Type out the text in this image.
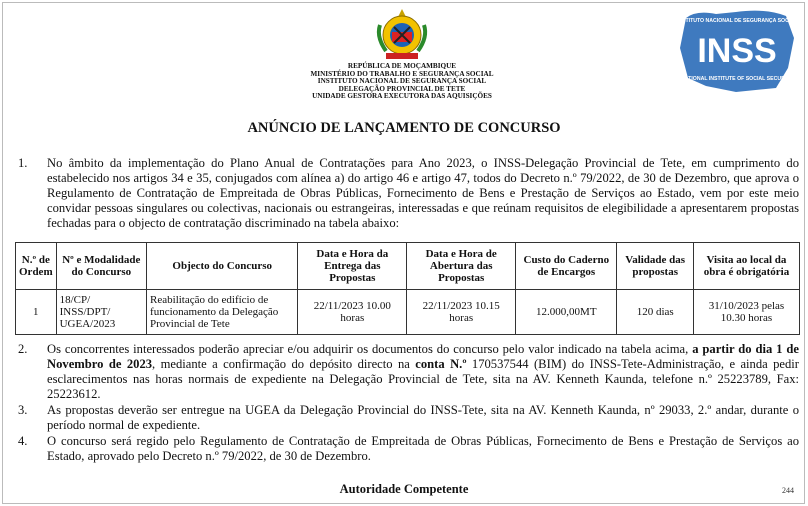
REPÚBLICA DE MOÇAMBIQUE
MINISTÉRIO DO TRABALHO E SEGURANÇA SOCIAL
INSTITUTO NACIONAL DE SEGURANÇA SOCIAL
DELEGAÇÃO PROVINCIAL DE TETE
UNIDADE GESTORA EXECUTORA DAS AQUISIÇÕES
INSTITUTO NACIONAL DE SEGURANÇA SOCIAL
INSS
NATIONAL INSTITUTE OF SOCIAL SECURITY
ANÚNCIO DE LANÇAMENTO DE CONCURSO
1. No âmbito da implementação do Plano Anual de Contratações para Ano 2023, o INSS-Delegação Provincial de Tete, em cumprimento do estabelecido nos artigos 34 e 35, conjugados com alínea a) do artigo 46 e artigo 47, todos do Decreto n.º 79/2022, de 30 de Dezembro, que aprova o Regulamento de Contratação de Empreitada de Obras Públicas, Fornecimento de Bens e Prestação de Serviços ao Estado, vem por este meio convidar pessoas singulares ou colectivas, nacionais ou estrangeiras, interessadas e que reúnam requisitos de elegibilidade a apresentarem propostas fechadas para o objecto de contratação discriminado na tabela abaixo:
N.º de Ordem	Nº e Modalidade do Concurso	Objecto do Concurso	Data e Hora da Entrega das Propostas	Data e Hora de Abertura das Propostas	Custo do Caderno de Encargos	Validade das propostas	Visita ao local da obra é obrigatória
1	18/CP/ INSS/DPT/ UGEA/2023	Reabilitação do edifício de funcionamento da Delegação Provincial de Tete	22/11/2023 10.00 horas	22/11/2023 10.15 horas	12.000,00MT	120 dias	31/10/2023 pelas 10.30 horas
2. Os concorrentes interessados poderão apreciar e/ou adquirir os documentos do concurso pelo valor indicado na tabela acima, a partir do dia 1 de Novembro de 2023, mediante a confirmação do depósito directo na conta N.º 170537544 (BIM) do INSS-Tete-Administração, e ainda pedir esclarecimentos nas horas normais de expediente na Delegação Provincial de Tete, sita na AV. Kenneth Kaunda, telefone n.º 25223789, Fax: 25223612.
3. As propostas deverão ser entregue na UGEA da Delegação Provincial do INSS-Tete, sita na AV. Kenneth Kaunda, nº 29033, 2.º andar, durante o período normal de expediente.
4. O concurso será regido pelo Regulamento de Contratação de Empreitada de Obras Públicas, Fornecimento de Bens e Prestação de Serviços ao Estado, aprovado pelo Decreto n.º 79/2022, de 30 de Dezembro.
Autoridade Competente	244
